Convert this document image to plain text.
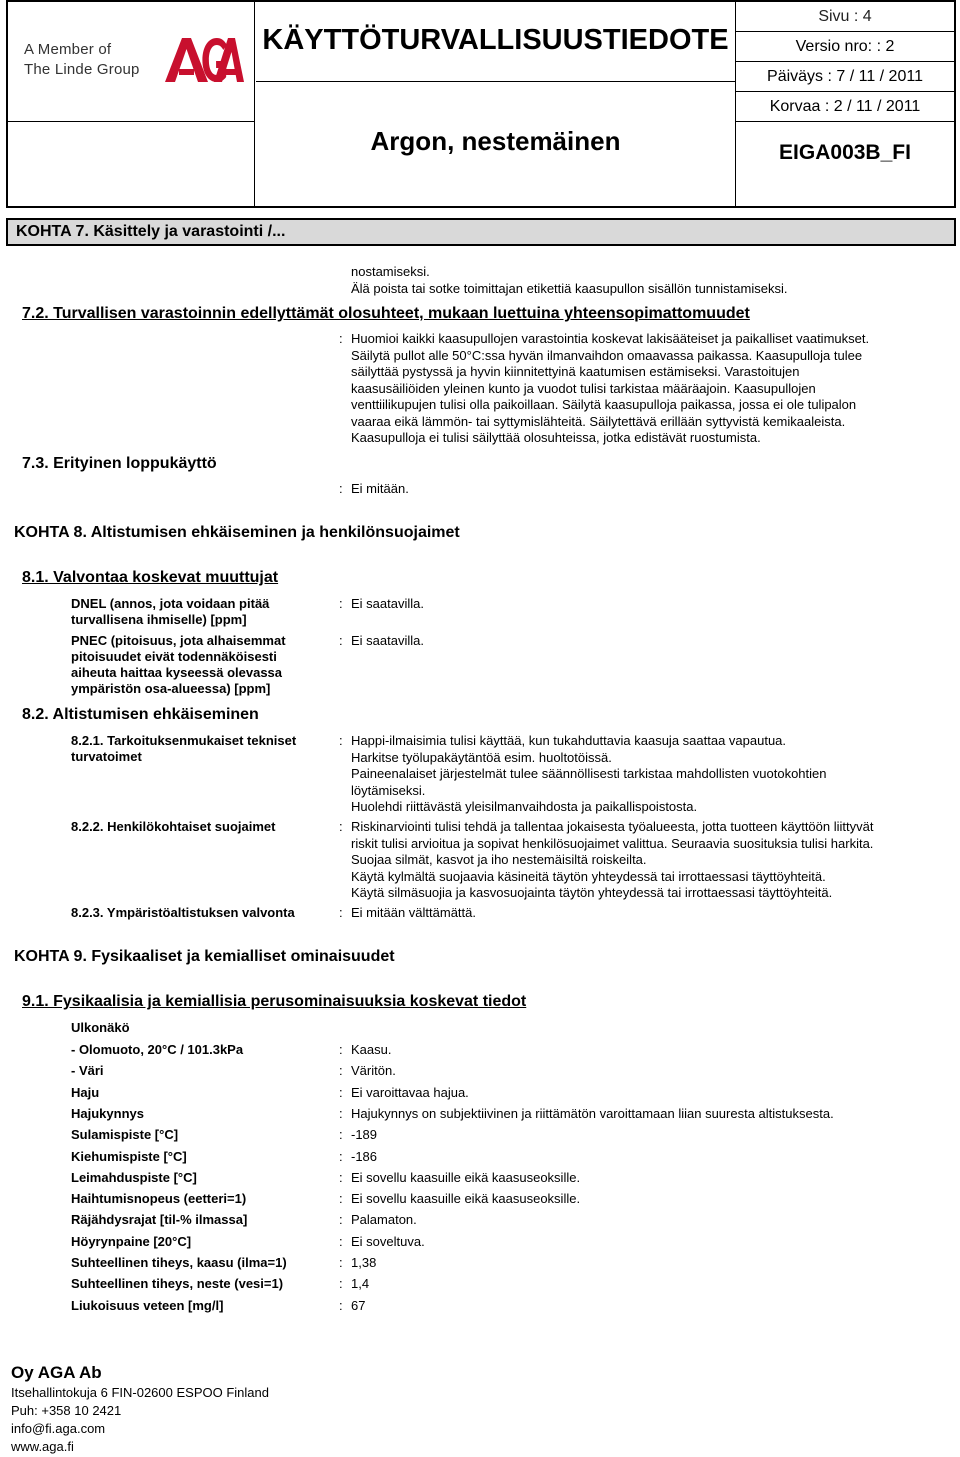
A Member of
The Linde Group
KÄYTTÖTURVALLISUUSTIEDOTE
Argon, nestemäinen
Sivu : 4
Versio nro: : 2
Päiväys : 7 / 11 / 2011
Korvaa : 2 / 11 / 2011
EIGA003B_FI
KOHTA 7. Käsittely ja varastointi /...
nostamiseksi.
Älä poista tai sotke toimittajan etikettiä kaasupullon sisällön tunnistamiseksi.
7.2. Turvallisen varastoinnin edellyttämät olosuhteet, mukaan luettuina yhteensopimattomuudet
: Huomioi kaikki kaasupullojen varastointia koskevat lakisääteiset ja paikalliset vaatimukset.
Säilytä pullot alle 50°C:ssa hyvän ilmanvaihdon omaavassa paikassa. Kaasupulloja tulee
säilyttää pystyssä ja hyvin kiinnitettyinä kaatumisen estämiseksi. Varastoitujen
kaasusäiliöiden yleinen kunto ja vuodot tulisi tarkistaa määräajoin. Kaasupullojen
venttiilikupujen tulisi olla paikoillaan. Säilytä kaasupulloja paikassa, jossa ei ole tulipalon
vaaraa eikä lämmön- tai syttymislähteitä. Säilytettävä erillään syttyvistä kemikaaleista.
Kaasupulloja ei tulisi säilyttää olosuhteissa, jotka edistävät ruostumista.
7.3. Erityinen loppukäyttö
: Ei mitään.
KOHTA 8. Altistumisen ehkäiseminen ja henkilönsuojaimet
8.1. Valvontaa koskevat muuttujat
DNEL (annos, jota voidaan pitää
turvallisena ihmiselle) [ppm]
: Ei saatavilla.
PNEC (pitoisuus, jota alhaisemmat
pitoisuudet eivät todennäköisesti
aiheuta haittaa kyseessä olevassa
ympäristön osa-alueessa) [ppm]
: Ei saatavilla.
8.2. Altistumisen ehkäiseminen
8.2.1. Tarkoituksenmukaiset tekniset
turvatoimet
: Happi-ilmaisimia tulisi käyttää, kun tukahduttavia kaasuja saattaa vapautua.
Harkitse työlupakäytäntöä esim. huoltotöissä.
Paineenalaiset järjestelmät tulee säännöllisesti tarkistaa mahdollisten vuotokohtien
löytämiseksi.
Huolehdi riittävästä yleisilmanvaihdosta ja paikallispoistosta.
8.2.2. Henkilökohtaiset suojaimet	: Riskinarviointi tulisi tehdä ja tallentaa jokaisesta työalueesta, jotta tuotteen käyttöön liittyvät
riskit tulisi arvioitua ja sopivat henkilösuojaimet valittua. Seuraavia suosituksia tulisi harkita.
Suojaa silmät, kasvot ja iho nestemäisiltä roiskeilta.
Käytä kylmältä suojaavia käsineitä täytön yhteydessä tai irrottaessasi täyttöyhteitä.
Käytä silmäsuojia ja kasvosuojainta täytön yhteydessä tai irrottaessasi täyttöyhteitä.
8.2.3. Ympäristöaltistuksen valvonta	: Ei mitään välttämättä.
KOHTA 9. Fysikaaliset ja kemialliset ominaisuudet
9.1. Fysikaalisia ja kemiallisia perusominaisuuksia koskevat tiedot
Ulkonäkö
- Olomuoto, 20°C / 101.3kPa	: Kaasu.
- Väri	: Väritön.
Haju	: Ei varoittavaa hajua.
Hajukynnys	: Hajukynnys on subjektiivinen ja riittämätön varoittamaan liian suuresta altistuksesta.
Sulamispiste [°C]	: -189
Kiehumispiste [°C]	: -186
Leimahduspiste [°C]	: Ei sovellu kaasuille eikä kaasuseoksille.
Haihtumisnopeus (eetteri=1)	: Ei sovellu kaasuille eikä kaasuseoksille.
Räjähdysrajat [til-% ilmassa]	: Palamaton.
Höyrynpaine [20°C]	: Ei soveltuva.
Suhteellinen tiheys, kaasu (ilma=1)	: 1,38
Suhteellinen tiheys, neste (vesi=1)	: 1,4
Liukoisuus veteen [mg/l]	: 67
Oy AGA Ab
Itsehallintokuja 6 FIN-02600 ESPOO Finland
Puh: +358 10 2421
info@fi.aga.com
www.aga.fi
